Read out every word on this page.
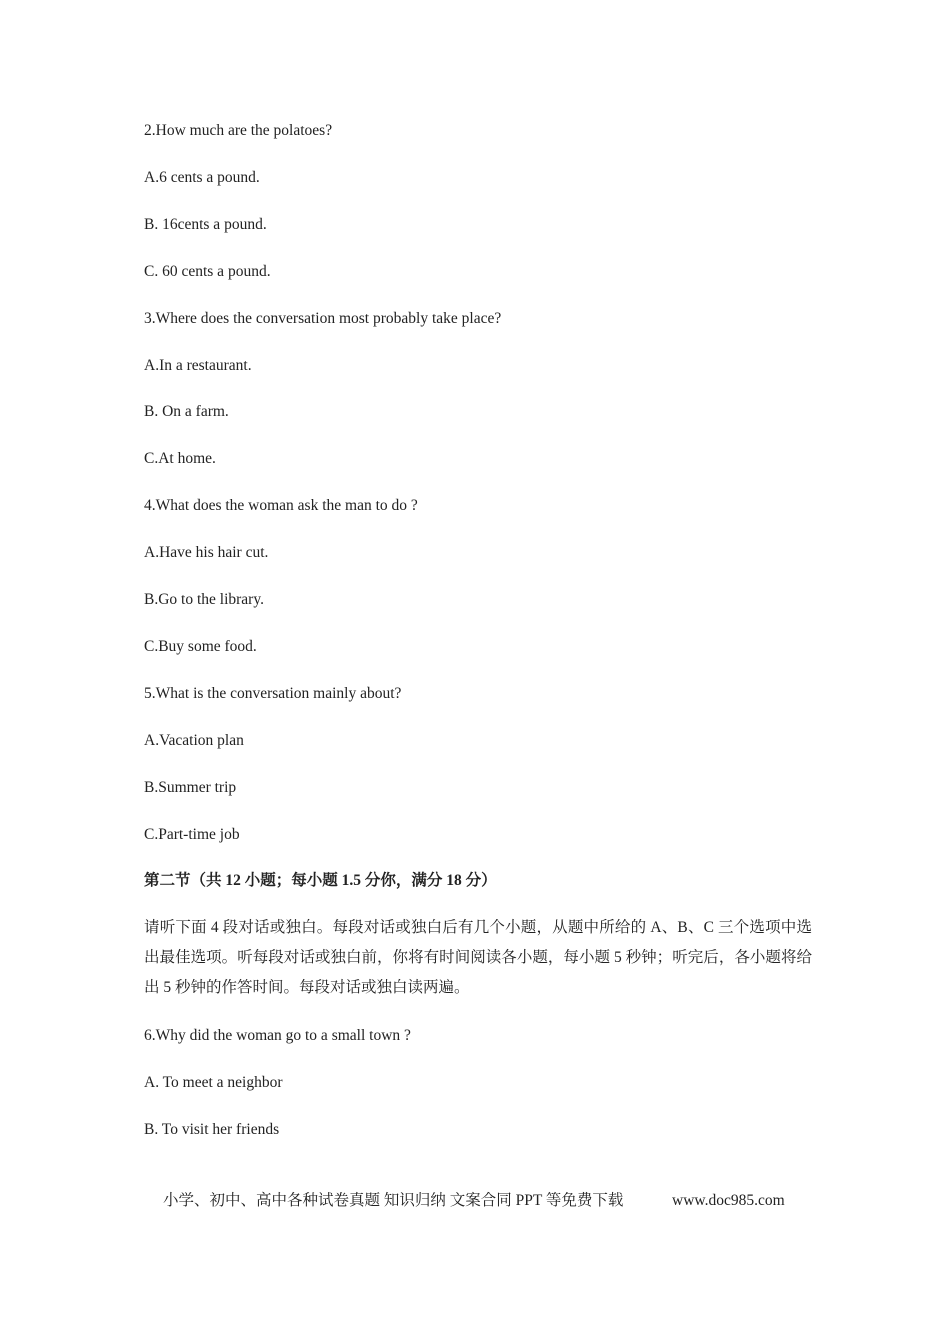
2.How much are the polatoes?
A.6 cents a pound.
B. 16cents a pound.
C. 60 cents a pound.
3.Where does the conversation most probably take place?
A.In a restaurant.
B. On a farm.
C.At home.
4.What does the woman ask the man to do ?
A.Have his hair cut.
B.Go to the library.
C.Buy some food.
5.What is the conversation mainly about?
A.Vacation plan
B.Summer trip
C.Part-time job
第二节（共 12 小题；每小题 1.5 分你，满分 18 分）
请听下面 4 段对话或独白。每段对话或独白后有几个小题，从题中所给的 A、B、C 三个选项中选出最佳选项。听每段对话或独白前，你将有时间阅读各小题，每小题 5 秒钟；听完后，各小题将给出 5 秒钟的作答时间。每段对话或独白读两遍。
6.Why did the woman go to a small town ?
A. To meet a neighbor
B. To visit her friends
小学、初中、高中各种试卷真题 知识归纳 文案合同 PPT 等免费下载	www.doc985.com
